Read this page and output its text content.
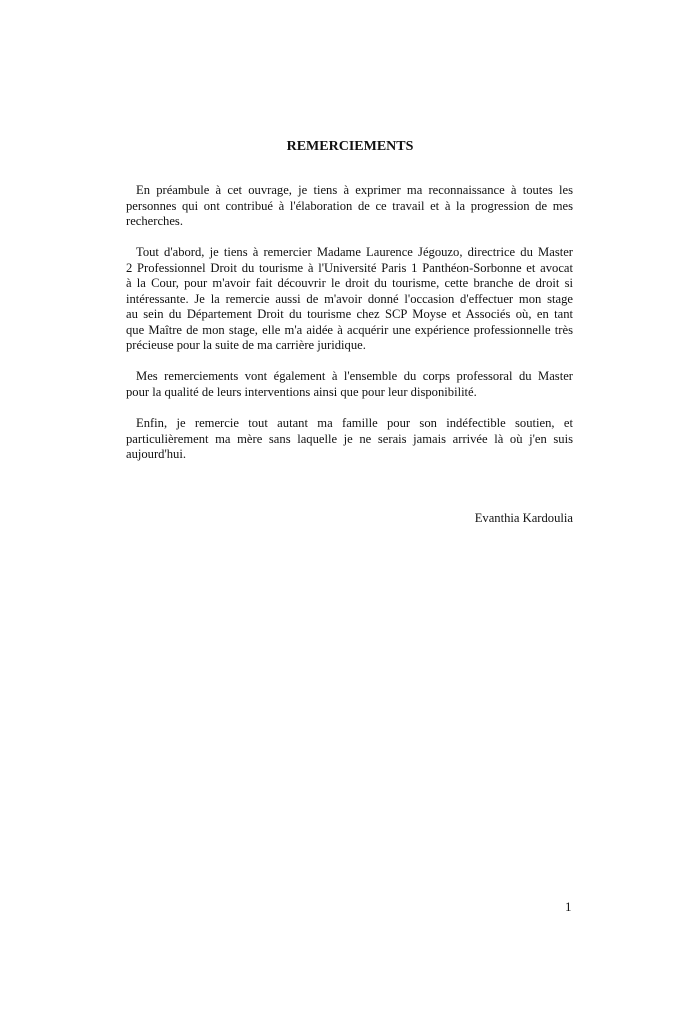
REMERCIEMENTS
En préambule à cet ouvrage, je tiens à exprimer ma reconnaissance à toutes les
personnes qui ont contribué à l'élaboration de ce travail et à la progression de mes
recherches.
Tout d'abord, je tiens à remercier Madame Laurence Jégouzo, directrice du Master
2 Professionnel Droit du tourisme à l'Université Paris 1 Panthéon-Sorbonne et avocat
à la Cour, pour m'avoir fait découvrir le droit du tourisme, cette branche de droit si
intéressante. Je la remercie aussi de m'avoir donné l'occasion d'effectuer mon stage
au sein du Département Droit du tourisme chez SCP Moyse et Associés où, en tant
que Maître de mon stage, elle m'a aidée à acquérir une expérience professionnelle très
précieuse pour la suite de ma carrière juridique.
Mes remerciements vont également à l'ensemble du corps professoral du Master
pour la qualité de leurs interventions ainsi que pour leur disponibilité.
Enfin, je remercie tout autant ma famille pour son indéfectible soutien, et
particulièrement ma mère sans laquelle je ne serais jamais arrivée là où j'en suis
aujourd'hui.
Evanthia Kardoulia
1
